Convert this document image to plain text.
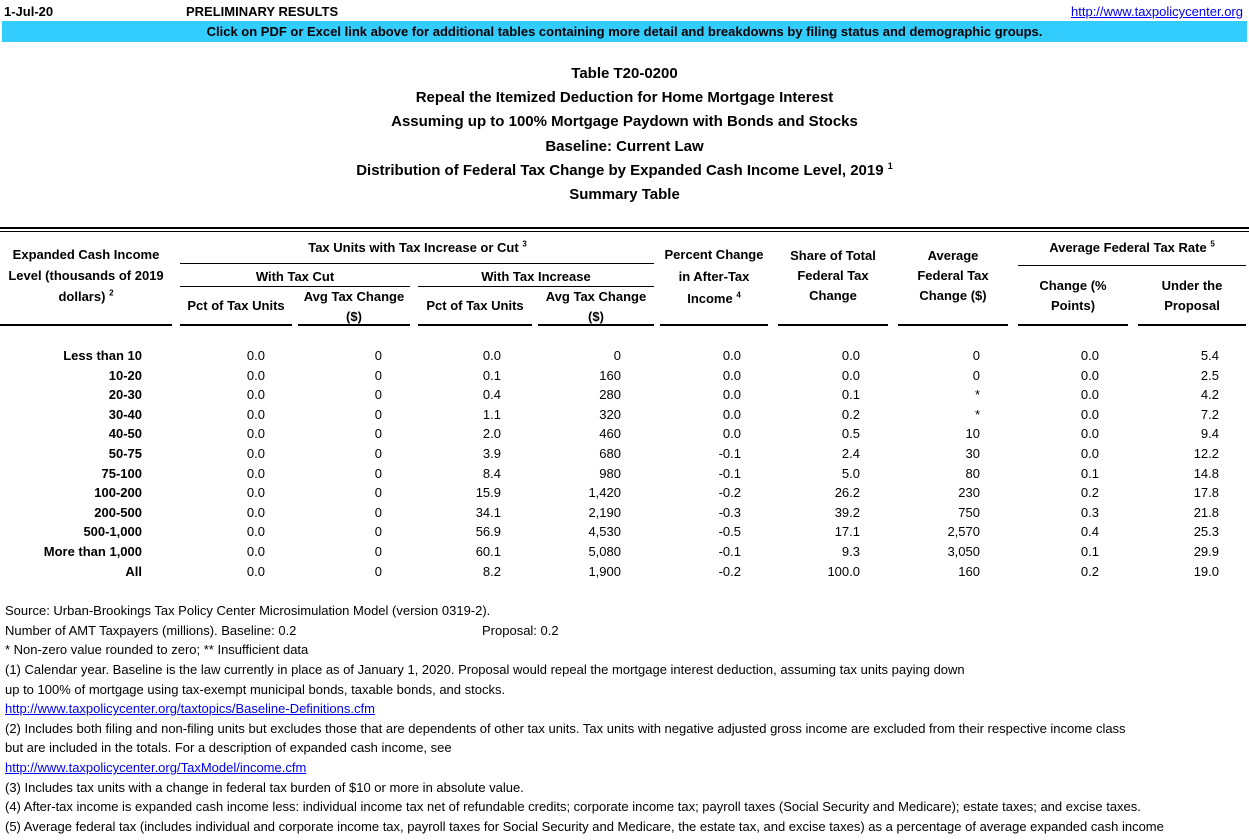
1-Jul-20	PRELIMINARY RESULTS	http://www.taxpolicycenter.org
Click on PDF or Excel link above for additional tables containing more detail and breakdowns by filing status and demographic groups.
Table T20-0200
Repeal the Itemized Deduction for Home Mortgage Interest
Assuming up to 100% Mortgage Paydown with Bonds and Stocks
Baseline: Current Law
Distribution of Federal Tax Change by Expanded Cash Income Level, 2019 $^1$
Summary Table
Expanded Cash Income
Level (thousands of 2019
dollars) $^2$
Tax Units with Tax Increase or Cut $^3$
With Tax Cut	With Tax Increase
Pct of Tax Units
Avg Tax Change
($)
Pct of Tax Units
Avg Tax Change
($)
Percent Change
in After-Tax
Income $^4$
Share of Total
Federal Tax
Change
Average
Federal Tax
Change ($)
Average Federal Tax Rate $^5$
Change (%
Points)
Under the
Proposal
Less than 10	0.0	0	0.0	0	0.0	0.0	0	0.0	5.4
10-20	0.0	0	0.1	160	0.0	0.0	0	0.0	2.5
20-30	0.0	0	0.4	280	0.0	0.1	*	0.0	4.2
30-40	0.0	0	1.1	320	0.0	0.2	*	0.0	7.2
40-50	0.0	0	2.0	460	0.0	0.5	10	0.0	9.4
50-75	0.0	0	3.9	680	-0.1	2.4	30	0.0	12.2
75-100	0.0	0	8.4	980	-0.1	5.0	80	0.1	14.8
100-200	0.0	0	15.9	1,420	-0.2	26.2	230	0.2	17.8
200-500	0.0	0	34.1	2,190	-0.3	39.2	750	0.3	21.8
500-1,000	0.0	0	56.9	4,530	-0.5	17.1	2,570	0.4	25.3
More than 1,000	0.0	0	60.1	5,080	-0.1	9.3	3,050	0.1	29.9
All	0.0	0	8.2	1,900	-0.2	100.0	160	0.2	19.0
Source: Urban-Brookings Tax Policy Center Microsimulation Model (version 0319-2).
Number of AMT Taxpayers (millions). Baseline: 0.2	Proposal: 0.2
* Non-zero value rounded to zero; ** Insufficient data
(1) Calendar year. Baseline is the law currently in place as of January 1, 2020. Proposal would repeal the mortgage interest deduction, assuming tax units paying down
up to 100% of mortgage using tax-exempt municipal bonds, taxable bonds, and stocks.
http://www.taxpolicycenter.org/taxtopics/Baseline-Definitions.cfm
(2) Includes both filing and non-filing units but excludes those that are dependents of other tax units. Tax units with negative adjusted gross income are excluded from their respective income class
but are included in the totals. For a description of expanded cash income, see
http://www.taxpolicycenter.org/TaxModel/income.cfm
(3) Includes tax units with a change in federal tax burden of $10 or more in absolute value.
(4) After-tax income is expanded cash income less: individual income tax net of refundable credits; corporate income tax; payroll taxes (Social Security and Medicare); estate taxes; and excise taxes.
(5) Average federal tax (includes individual and corporate income tax, payroll taxes for Social Security and Medicare, the estate tax, and excise taxes) as a percentage of average expanded cash income
